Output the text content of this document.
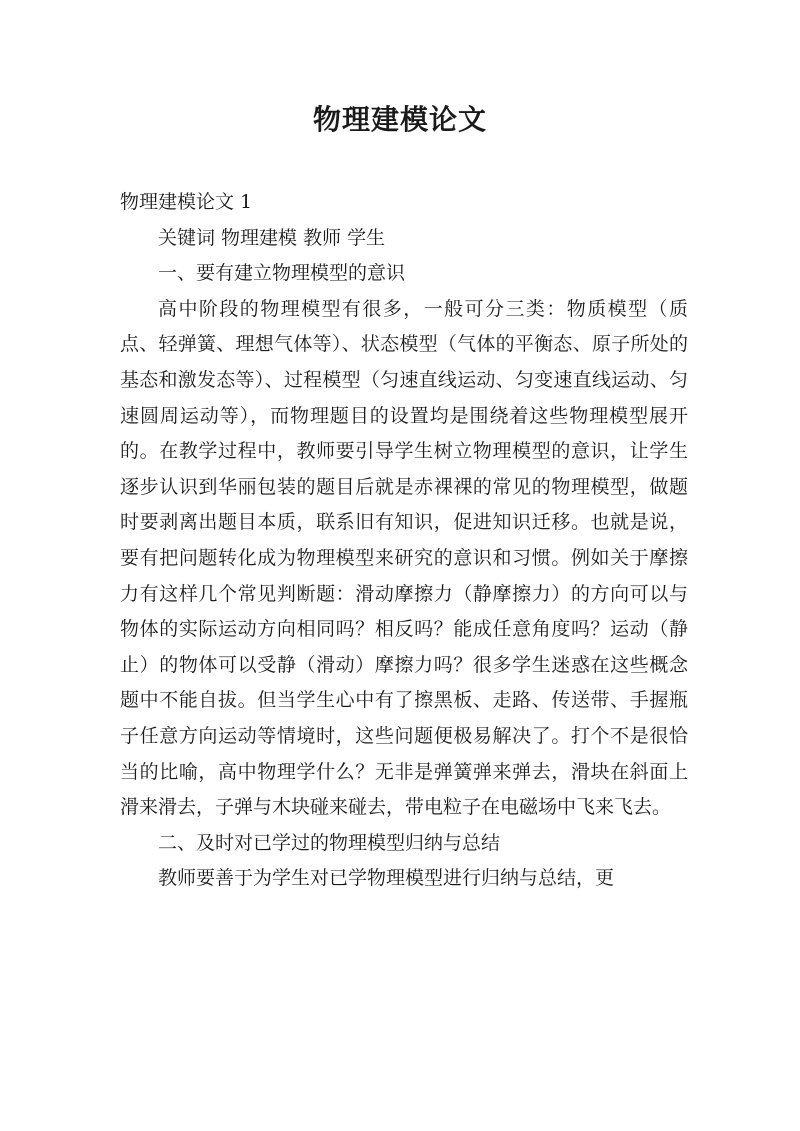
物理建模论文

物理建模论文 1

关键词 物理建模 教师 学生

一、要有建立物理模型的意识

高中阶段的物理模型有很多，一般可分三类：物质模型（质点、轻弹簧、理想气体等）、状态模型（气体的平衡态、原子所处的基态和激发态等）、过程模型（匀速直线运动、匀变速直线运动、匀速圆周运动等），而物理题目的设置均是围绕着这些物理模型展开的。在教学过程中，教师要引导学生树立物理模型的意识，让学生逐步认识到华丽包装的题目后就是赤裸裸的常见的物理模型，做题时要剥离出题目本质，联系旧有知识，促进知识迁移。也就是说，要有把问题转化成为物理模型来研究的意识和习惯。例如关于摩擦力有这样几个常见判断题：滑动摩擦力（静摩擦力）的方向可以与物体的实际运动方向相同吗？相反吗？能成任意角度吗？运动（静止）的物体可以受静（滑动）摩擦力吗？很多学生迷惑在这些概念题中不能自拔。但当学生心中有了擦黑板、走路、传送带、手握瓶子任意方向运动等情境时，这些问题便极易解决了。打个不是很恰当的比喻，高中物理学什么？无非是弹簧弹来弹去，滑块在斜面上滑来滑去，子弹与木块碰来碰去，带电粒子在电磁场中飞来飞去。

二、及时对已学过的物理模型归纳与总结

教师要善于为学生对已学物理模型进行归纳与总结，更
